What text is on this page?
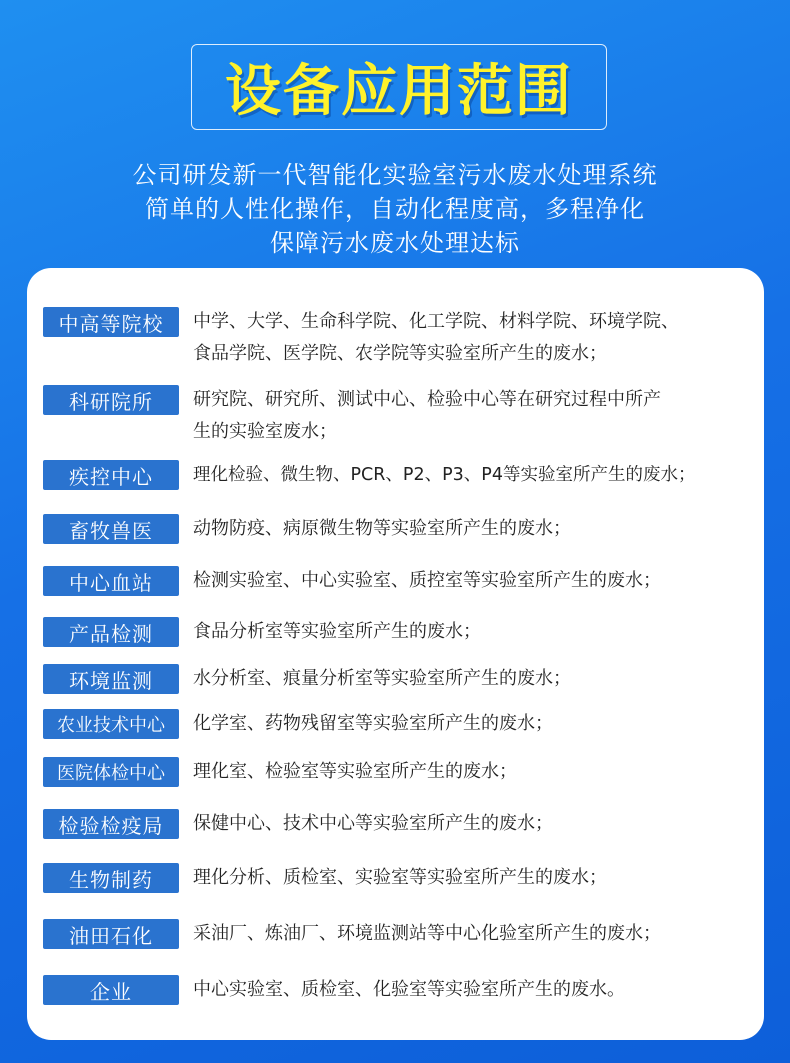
设备应用范围
公司研发新一代智能化实验室污水废水处理系统
简单的人性化操作，自动化程度高，多程净化
保障污水废水处理达标
中高等院校	中学、大学、生命科学院、化工学院、材料学院、环境学院、
食品学院、医学院、农学院等实验室所产生的废水；
科研院所	研究院、研究所、测试中心、检验中心等在研究过程中所产
生的实验室废水；
疾控中心	理化检验、微生物、PCR、P2、P3、P4等实验室所产生的废水；
畜牧兽医	动物防疫、病原微生物等实验室所产生的废水；
中心血站	检测实验室、中心实验室、质控室等实验室所产生的废水；
产品检测	食品分析室等实验室所产生的废水；
环境监测	水分析室、痕量分析室等实验室所产生的废水；
农业技术中心	化学室、药物残留室等实验室所产生的废水；
医院体检中心	理化室、检验室等实验室所产生的废水；
检验检疫局	保健中心、技术中心等实验室所产生的废水；
生物制药	理化分析、质检室、实验室等实验室所产生的废水；
油田石化	采油厂、炼油厂、环境监测站等中心化验室所产生的废水；
企业	中心实验室、质检室、化验室等实验室所产生的废水。
